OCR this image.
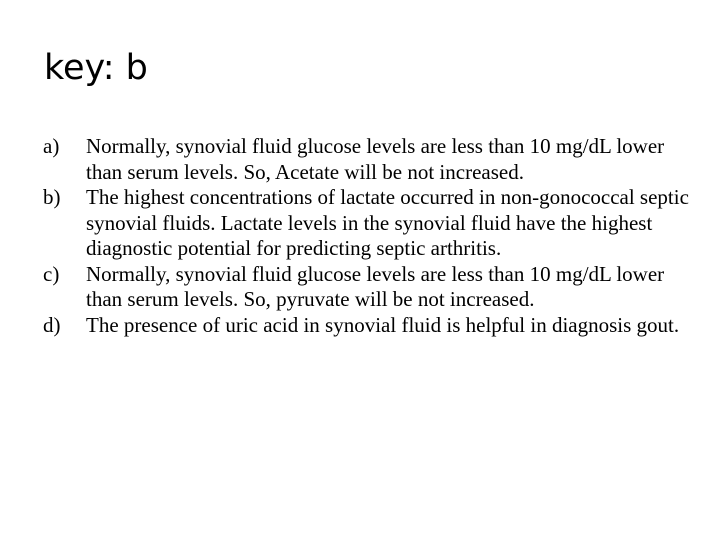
key: b
a)	Normally, synovial fluid glucose levels are less than 10 mg/dL lower than serum levels. So, Acetate will be not increased.
b)	The highest concentrations of lactate occurred in non-gonococcal septic synovial fluids. Lactate levels in the synovial fluid have the highest diagnostic potential for predicting septic arthritis.
c)	Normally, synovial fluid glucose levels are less than 10 mg/dL lower than serum levels. So, pyruvate will be not increased.
d)	The presence of uric acid in synovial fluid is helpful in diagnosis gout.
